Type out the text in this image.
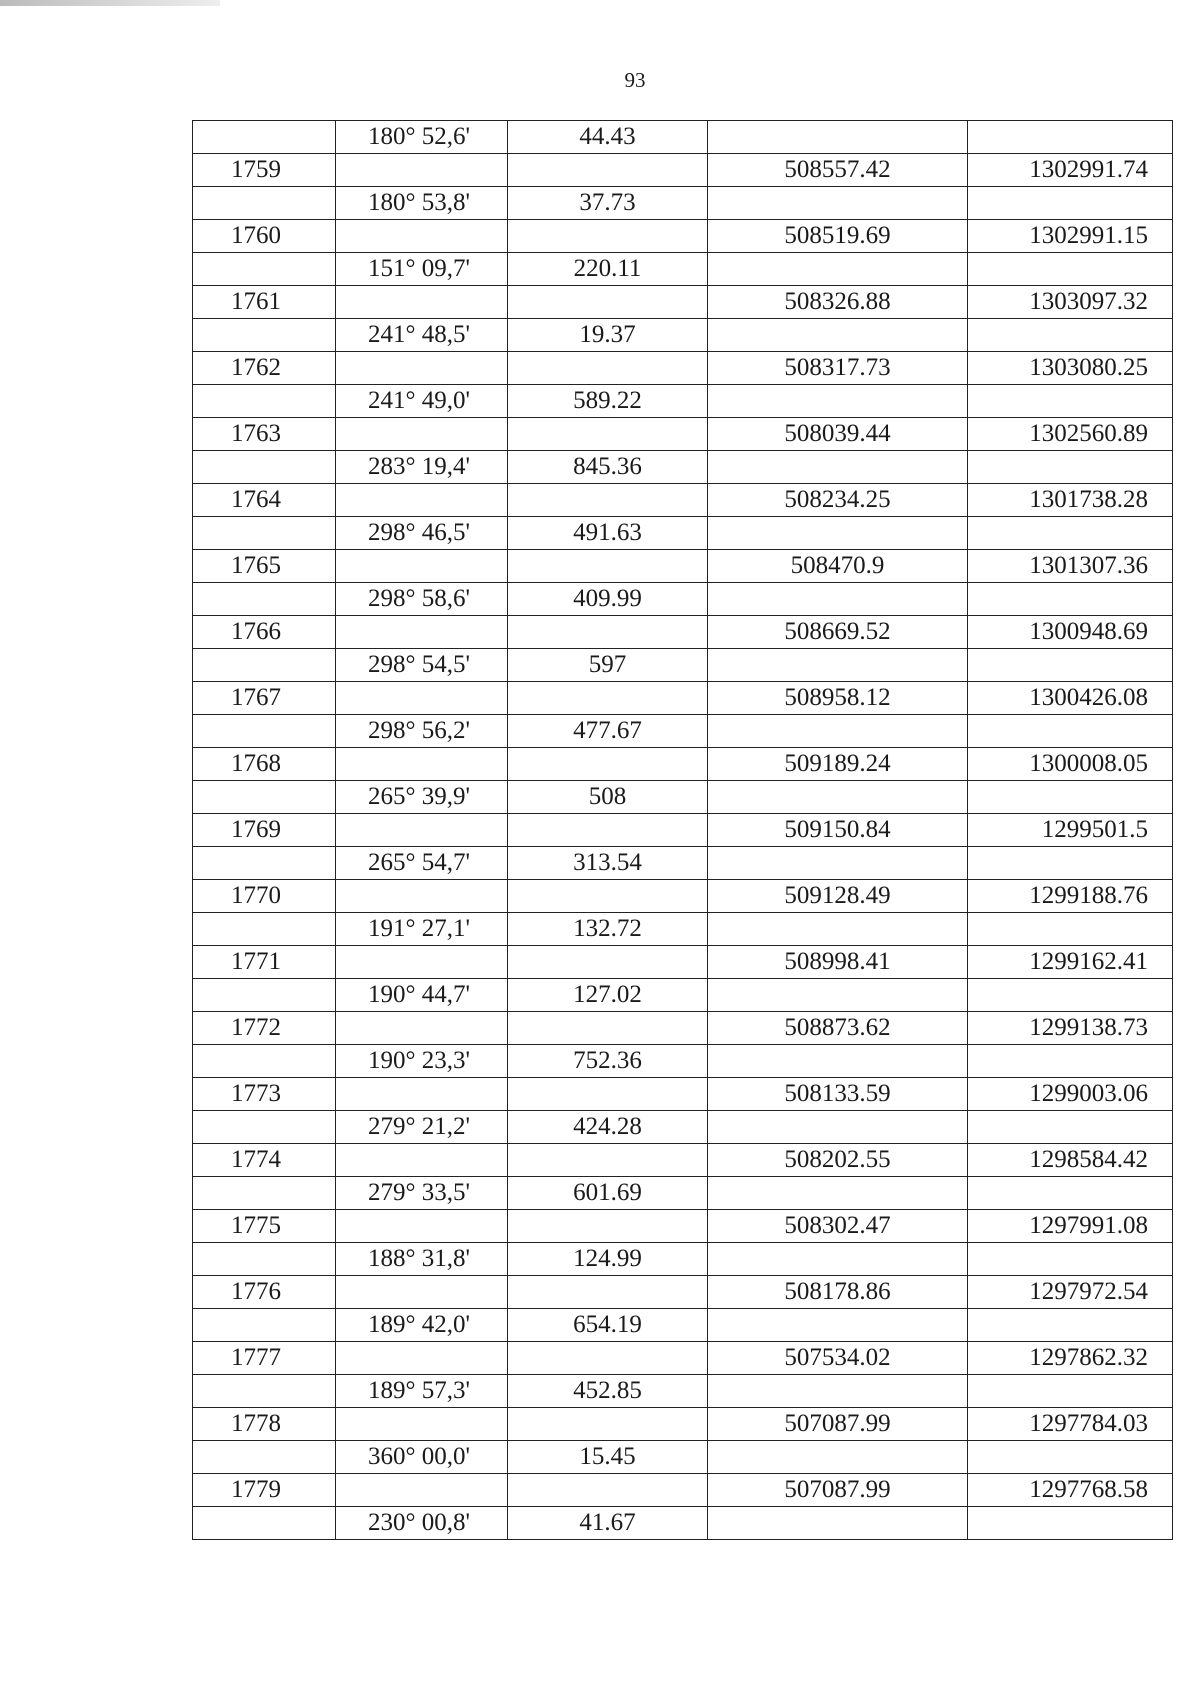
93
	180° 52,6'	44.43		
1759			508557.42	1302991.74
	180° 53,8'	37.73		
1760			508519.69	1302991.15
	151° 09,7'	220.11		
1761			508326.88	1303097.32
	241° 48,5'	19.37		
1762			508317.73	1303080.25
	241° 49,0'	589.22		
1763			508039.44	1302560.89
	283° 19,4'	845.36		
1764			508234.25	1301738.28
	298° 46,5'	491.63		
1765			508470.9	1301307.36
	298° 58,6'	409.99		
1766			508669.52	1300948.69
	298° 54,5'	597		
1767			508958.12	1300426.08
	298° 56,2'	477.67		
1768			509189.24	1300008.05
	265° 39,9'	508		
1769			509150.84	1299501.5
	265° 54,7'	313.54		
1770			509128.49	1299188.76
	191° 27,1'	132.72		
1771			508998.41	1299162.41
	190° 44,7'	127.02		
1772			508873.62	1299138.73
	190° 23,3'	752.36		
1773			508133.59	1299003.06
	279° 21,2'	424.28		
1774			508202.55	1298584.42
	279° 33,5'	601.69		
1775			508302.47	1297991.08
	188° 31,8'	124.99		
1776			508178.86	1297972.54
	189° 42,0'	654.19		
1777			507534.02	1297862.32
	189° 57,3'	452.85		
1778			507087.99	1297784.03
	360° 00,0'	15.45		
1779			507087.99	1297768.58
	230° 00,8'	41.67		
